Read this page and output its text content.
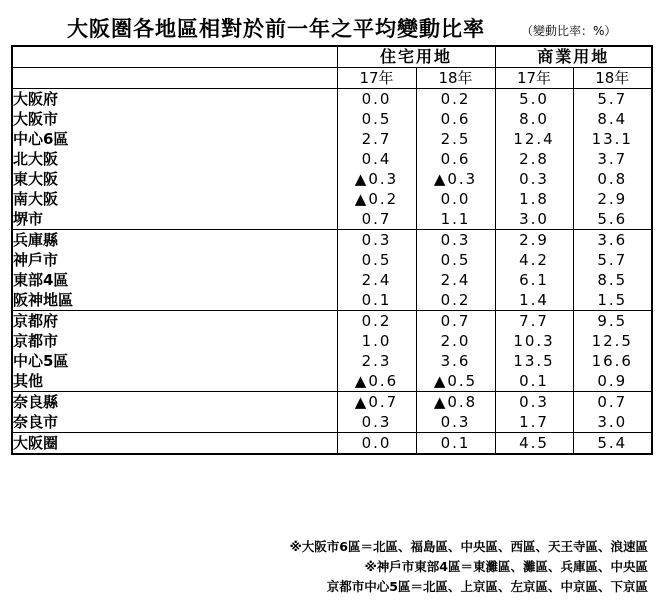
大阪圏各地區相對於前一年之平均變動比率	（變動比率：%）
	住宅用地		商業用地	
	17年	18年	17年	18年
大阪府	0.0	0.2	5.0	5.7
大阪市	0.5	0.6	8.0	8.4
中心6區	2.7	2.5	12.4	13.1
北大阪	0.4	0.6	2.8	3.7
東大阪	▲0.3	▲0.3	0.3	0.8
南大阪	▲0.2	0.0	1.8	2.9
堺市	0.7	1.1	3.0	5.6
兵庫縣	0.3	0.3	2.9	3.6
神戶市	0.5	0.5	4.2	5.7
東部4區	2.4	2.4	6.1	8.5
阪神地區	0.1	0.2	1.4	1.5
京都府	0.2	0.7	7.7	9.5
京都市	1.0	2.0	10.3	12.5
中心5區	2.3	3.6	13.5	16.6
其他	▲0.6	▲0.5	0.1	0.9
奈良縣	▲0.7	▲0.8	0.3	0.7
奈良市	0.3	0.3	1.7	3.0
大阪圈	0.0	0.1	4.5	5.4
※大阪市6區＝北區、福島區、中央區、西區、天王寺區、浪速區
※神戶市東部4區＝東灘區、灘區、兵庫區、中央區
京都市中心5區＝北區、上京區、左京區、中京區、下京區
